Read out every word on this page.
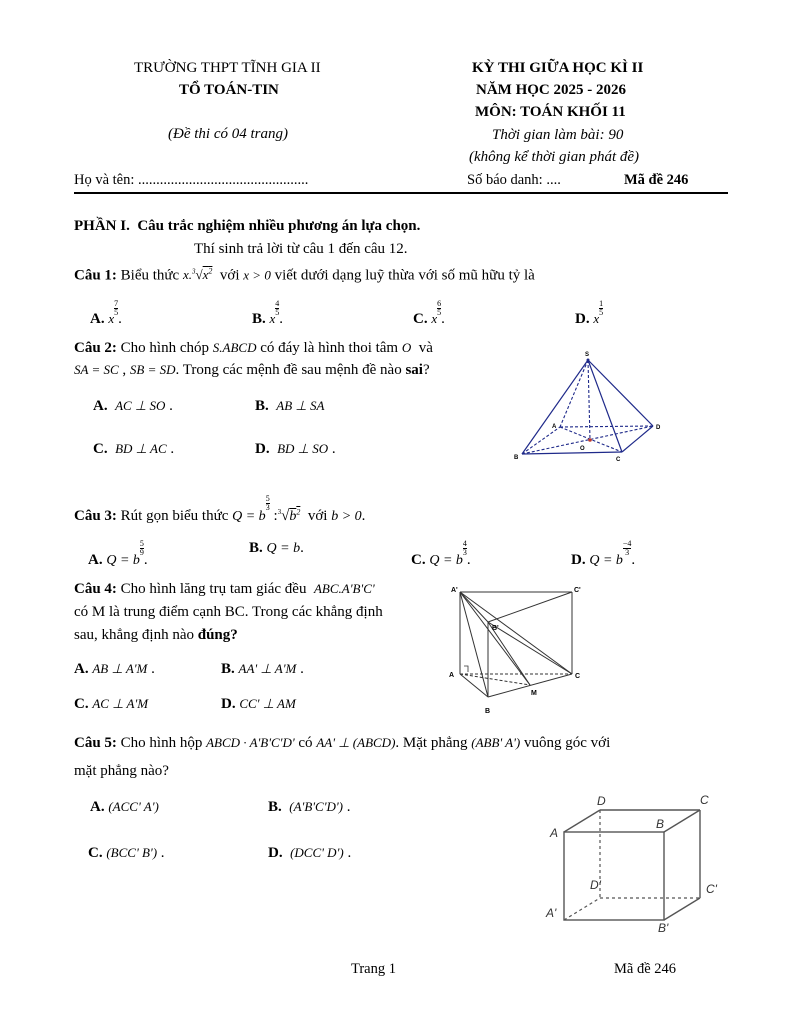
TRƯỜNG THPT TĨNH GIA II
TỔ TOÁN-TIN
(Đề thi có 04 trang)
KỲ THI GIỮA HỌC KÌ II
NĂM HỌC 2025 - 2026
MÔN: TOÁN KHỐI 11
Thời gian làm bài: 90
(không kể thời gian phát đề)
Họ và tên: ...............................................	Số báo danh: ....	Mã đề 246
PHẦN I. Câu trắc nghiệm nhiều phương án lựa chọn.
Thí sinh trả lời từ câu 1 đến câu 12.
Câu 1: Biểu thức $x.^3√x^2$ với x > 0 viết dưới dạng luỹ thừa với số mũ hữu tỷ là
A. x
$\frac{7}{5}$
.	B. x
$\frac{4}{5}$
.	C. x
$\frac{6}{5}$
.	D. x
$\frac{1}{5}$
Câu 2: Cho hình chóp S.ABCD có đáy là hình thoi tâm O và
SA = SC , SB = SD. Trong các mệnh đề sau mệnh đề nào sai?
A. AC ⊥ SO .	B. AB ⊥ SA
C. BD ⊥ AC .	D. BD ⊥ SO .
S
A
O
D
B	C
Câu 3: Rút gọn biểu thức Q = b
$\frac{5}{3}$
$:^3√b^2$ với b > 0.
A. Q = b
$\frac{5}{9}$
.
B. Q = b.
C. Q = b
$\frac{4}{3}$
.	D. Q = b
$\frac{-4}{3}$
.
Câu 4: Cho hình lăng trụ tam giác đều ABC.A'B'C'
có M là trung điểm cạnh BC. Trong các khẳng định
sau, khẳng định nào đúng?
A. AB ⊥ A'M .	B. AA' ⊥ A'M .
C. AC ⊥ A'M	D. CC' ⊥ AM
A'	C'
B'
A	C
M
B
Câu 5: Cho hình hộp ABCD · A'B'C'D' có AA' ⊥ (ABCD). Mặt phẳng (ABB' A') vuông góc với
mặt phẳng nào?
A. (ACC' A')	B. (A'B'C'D') .
C. (BCC' B') .	D. (DCC' D') .
D	C
A
B
D'	C'
A'
B'
Trang 1	Mã đề 246
